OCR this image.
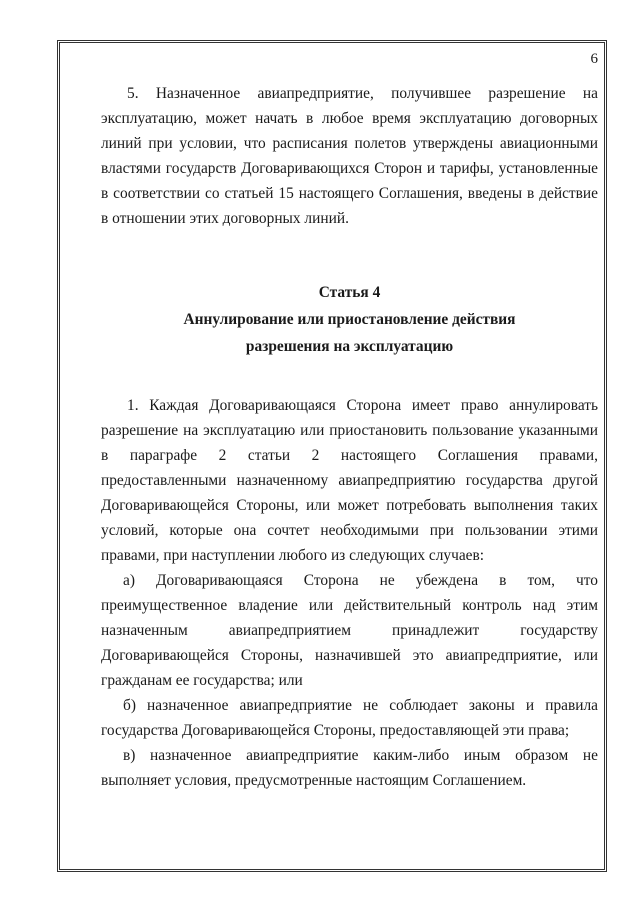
6

5. Назначенное авиапредприятие, получившее разрешение на эксплуатацию, может начать в любое время эксплуатацию договорных линий при условии, что расписания полетов утверждены авиационными властями государств Договаривающихся Сторон и тарифы, установленные в соответствии со статьей 15 настоящего Соглашения, введены в действие в отношении этих договорных линий.

Статья 4
Аннулирование или приостановление действия
разрешения на эксплуатацию

1. Каждая Договаривающаяся Сторона имеет право аннулировать разрешение на эксплуатацию или приостановить пользование указанными в параграфе 2 статьи 2 настоящего Соглашения правами, предоставленными назначенному авиапредприятию государства другой Договаривающейся Стороны, или может потребовать выполнения таких условий, которые она сочтет необходимыми при пользовании этими правами, при наступлении любого из следующих случаев:

а) Договаривающаяся Сторона не убеждена в том, что преимущественное владение или действительный контроль над этим назначенным авиапредприятием принадлежит государству Договаривающейся Стороны, назначившей это авиапредприятие, или гражданам ее государства; или

б) назначенное авиапредприятие не соблюдает законы и правила государства Договаривающейся Стороны, предоставляющей эти права;

в) назначенное авиапредприятие каким-либо иным образом не выполняет условия, предусмотренные настоящим Соглашением.
